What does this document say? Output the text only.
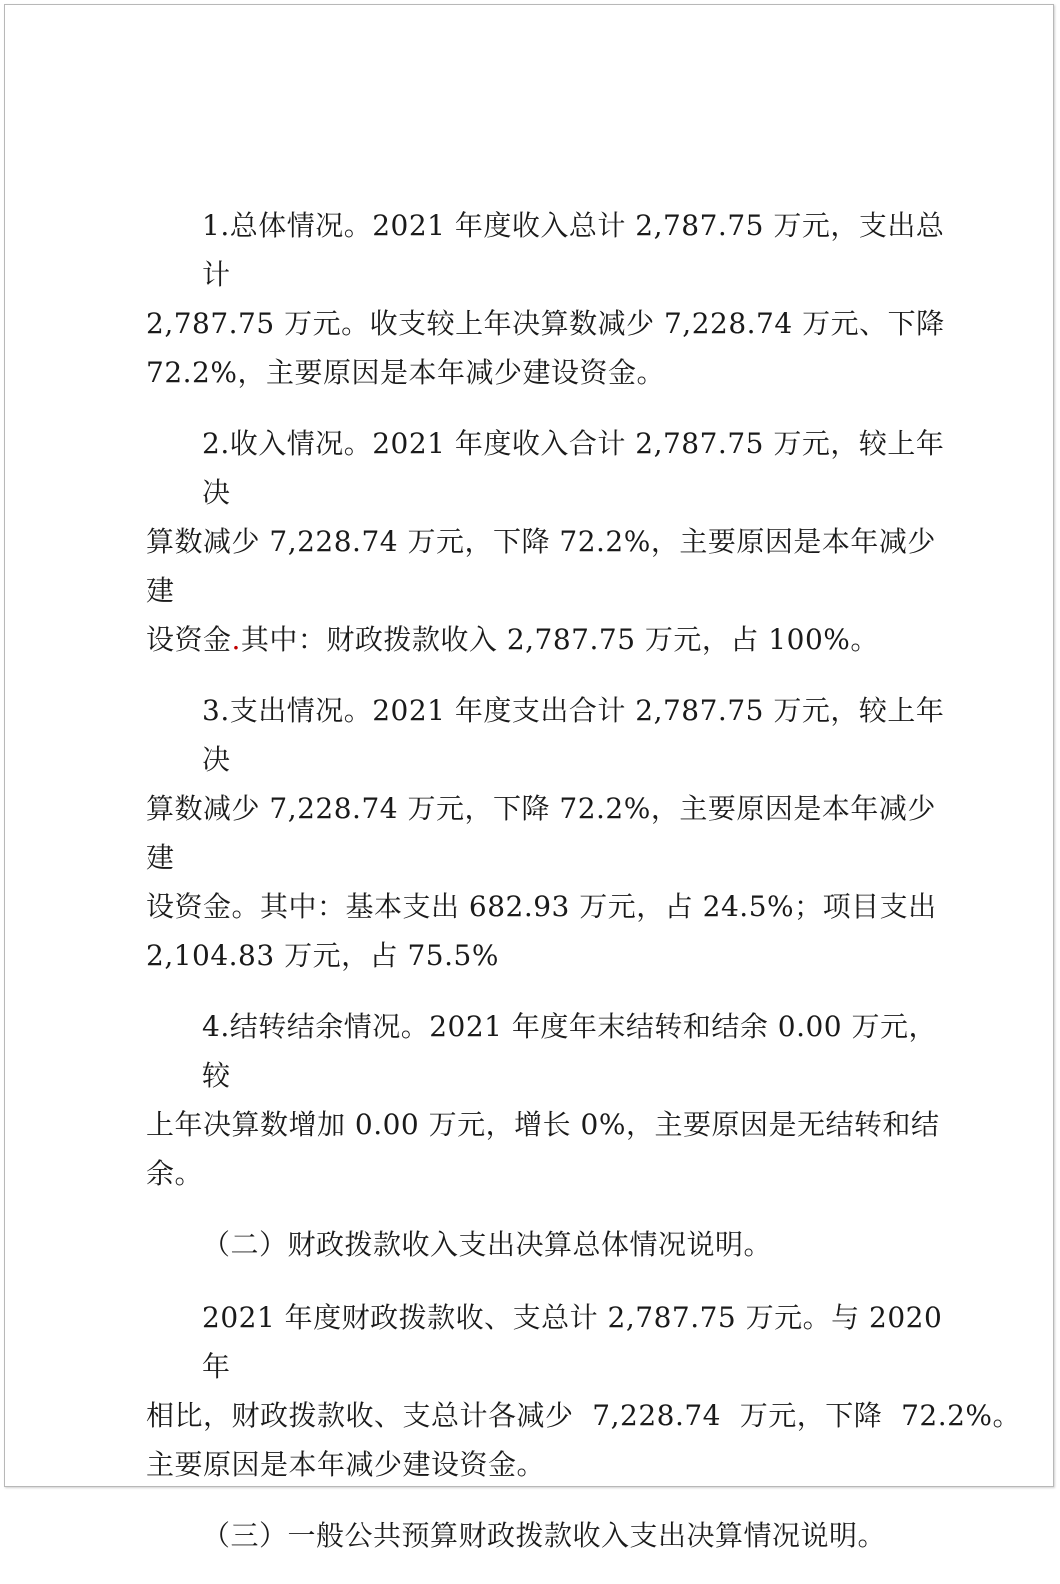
1.总体情况。2021 年度收入总计 2,787.75 万元，支出总计
2,787.75 万元。收支较上年决算数减少 7,228.74 万元、下降
72.2%，主要原因是本年减少建设资金。
2.收入情况。2021 年度收入合计 2,787.75 万元，较上年决
算数减少 7,228.74 万元，下降 72.2%，主要原因是本年减少建
设资金.其中：财政拨款收入 2,787.75 万元，占 100%。
3.支出情况。2021 年度支出合计 2,787.75 万元，较上年决
算数减少 7,228.74 万元，下降 72.2%，主要原因是本年减少建
设资金。其中：基本支出 682.93 万元，占 24.5%；项目支出
2,104.83 万元，占 75.5%
4.结转结余情况。2021 年度年末结转和结余 0.00 万元，较
上年决算数增加 0.00 万元，增长 0%，主要原因是无结转和结
余。
（二）财政拨款收入支出决算总体情况说明。
2021 年度财政拨款收、支总计 2,787.75 万元。与 2020 年
相比，财政拨款收、支总计各减少  7,228.74  万元，下降  72.2%。
主要原因是本年减少建设资金。
（三）一般公共预算财政拨款收入支出决算情况说明。
